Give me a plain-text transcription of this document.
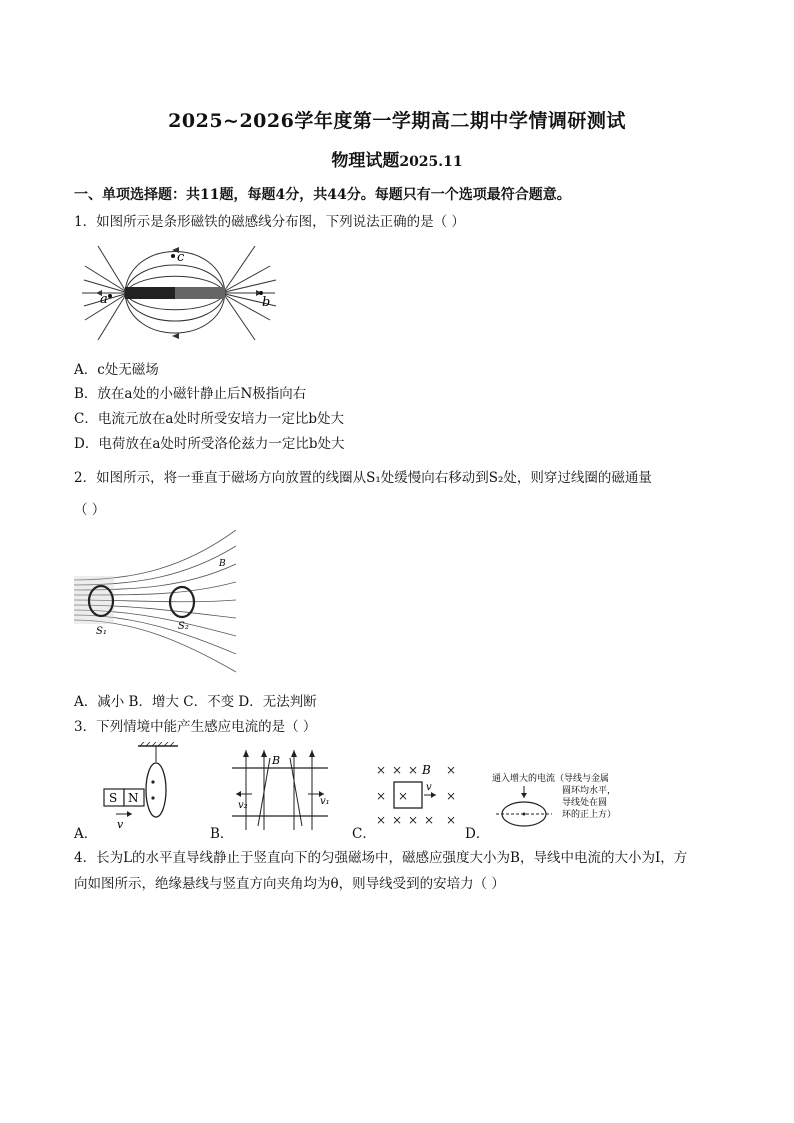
2025~2026学年度第一学期高二期中学情调研测试
物理试题2025.11
一、单项选择题：共11题，每题4分，共44分。每题只有一个选项最符合题意。
1．如图所示是条形磁铁的磁感线分布图，下列说法正确的是（ ）
a	b
c
A．c处无磁场
B．放在a处的小磁针静止后N极指向右
C．电流元放在a处时所受安培力一定比b处大
D．电荷放在a处时所受洛伦兹力一定比b处大
2．如图所示，将一垂直于磁场方向放置的线圈从S₁处缓慢向右移动到S₂处，则穿过线圈的磁通量
（ ）
S₁	S₂
B
A．减小 B．增大 C．不变 D．无法判断
3．下列情境中能产生感应电流的是（ ）
A．
S N
v
B．
B
v₂	v₁
C．
× × × ×
× ×	×
× × × × ×
B
v
D．
通入增大的电流（导线与金属
圆环均水平，
导线处在圆
环的正上方）
4．长为L的水平直导线静止于竖直向下的匀强磁场中，磁感应强度大小为B，导线中电流的大小为I，方
向如图所示，绝缘悬线与竖直方向夹角均为θ，则导线受到的安培力（ ）
